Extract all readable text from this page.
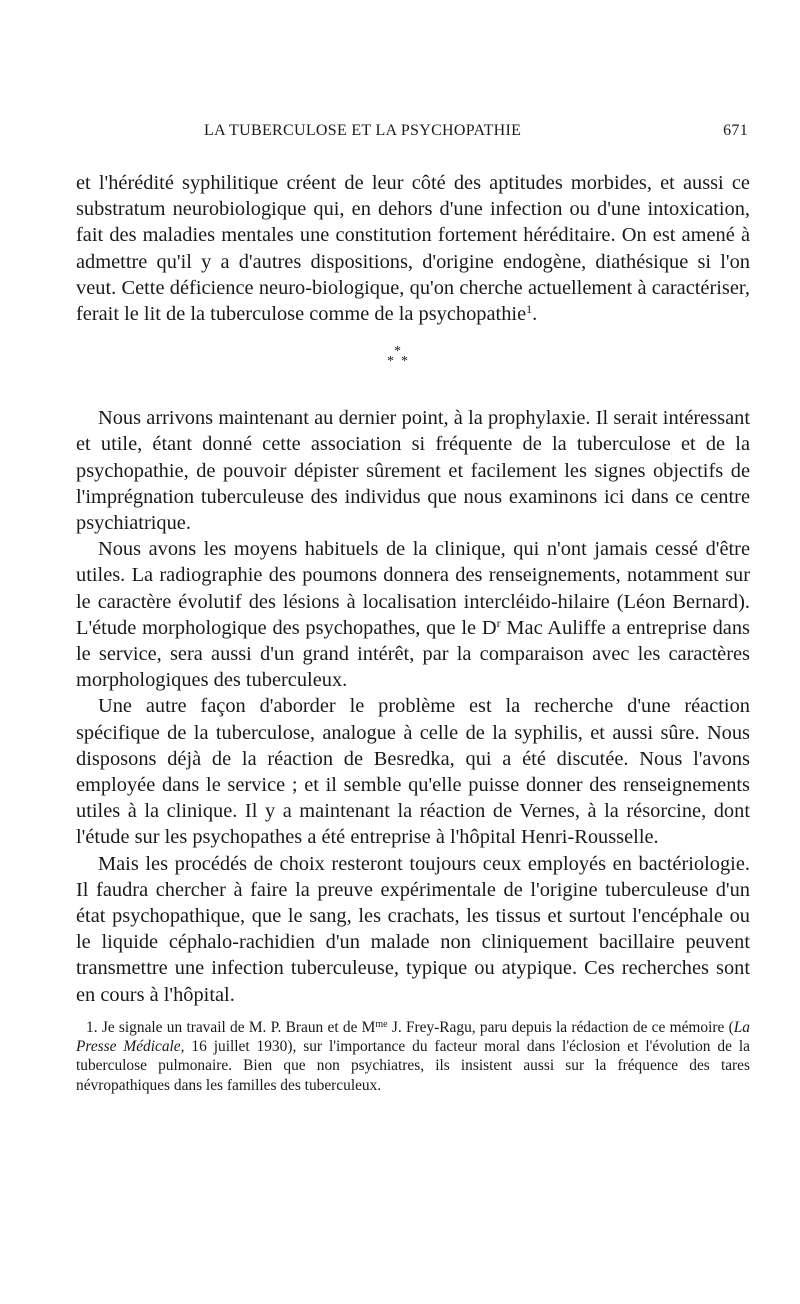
LA TUBERCULOSE ET LA PSYCHOPATHIE	671

et l'hérédité syphilitique créent de leur côté des aptitudes morbides, et aussi ce substratum neurobiologique qui, en dehors d'une infection ou d'une intoxication, fait des maladies mentales une constitution fortement héréditaire. On est amené à admettre qu'il y a d'autres dispositions, d'origine endogène, diathésique si l'on veut. Cette déficience neuro-biologique, qu'on cherche actuellement à caractériser, ferait le lit de la tuberculose comme de la psychopathie$^1$.

*
* *

Nous arrivons maintenant au dernier point, à la prophylaxie. Il serait intéressant et utile, étant donné cette association si fréquente de la tuberculose et de la psychopathie, de pouvoir dépister sûrement et facilement les signes objectifs de l'imprégnation tuberculeuse des individus que nous examinons ici dans ce centre psychiatrique.

Nous avons les moyens habituels de la clinique, qui n'ont jamais cessé d'être utiles. La radiographie des poumons donnera des renseignements, notamment sur le caractère évolutif des lésions à localisation intercléido-hilaire (Léon Bernard). L'étude morphologique des psychopathes, que le $D^r$ Mac Auliffe a entreprise dans le service, sera aussi d'un grand intérêt, par la comparaison avec les caractères morphologiques des tuberculeux.

Une autre façon d'aborder le problème est la recherche d'une réaction spécifique de la tuberculose, analogue à celle de la syphilis, et aussi sûre. Nous disposons déjà de la réaction de Besredka, qui a été discutée. Nous l'avons employée dans le service ; et il semble qu'elle puisse donner des renseignements utiles à la clinique. Il y a maintenant la réaction de Vernes, à la résorcine, dont l'étude sur les psychopathes a été entreprise à l'hôpital Henri-Rousselle.

Mais les procédés de choix resteront toujours ceux employés en bactériologie. Il faudra chercher à faire la preuve expérimentale de l'origine tuberculeuse d'un état psychopathique, que le sang, les crachats, les tissus et surtout l'encéphale ou le liquide céphalo-rachidien d'un malade non cliniquement bacillaire peuvent transmettre une infection tuberculeuse, typique ou atypique. Ces recherches sont en cours à l'hôpital.

1. Je signale un travail de M. P. Braun et de $M^{me}$ J. Frey-Ragu, paru depuis la rédaction de ce mémoire (La Presse Médicale, 16 juillet 1930), sur l'importance du facteur moral dans l'éclosion et l'évolution de la tuberculose pulmonaire. Bien que non psychiatres, ils insistent aussi sur la fréquence des tares névropathiques dans les familles des tuberculeux.
